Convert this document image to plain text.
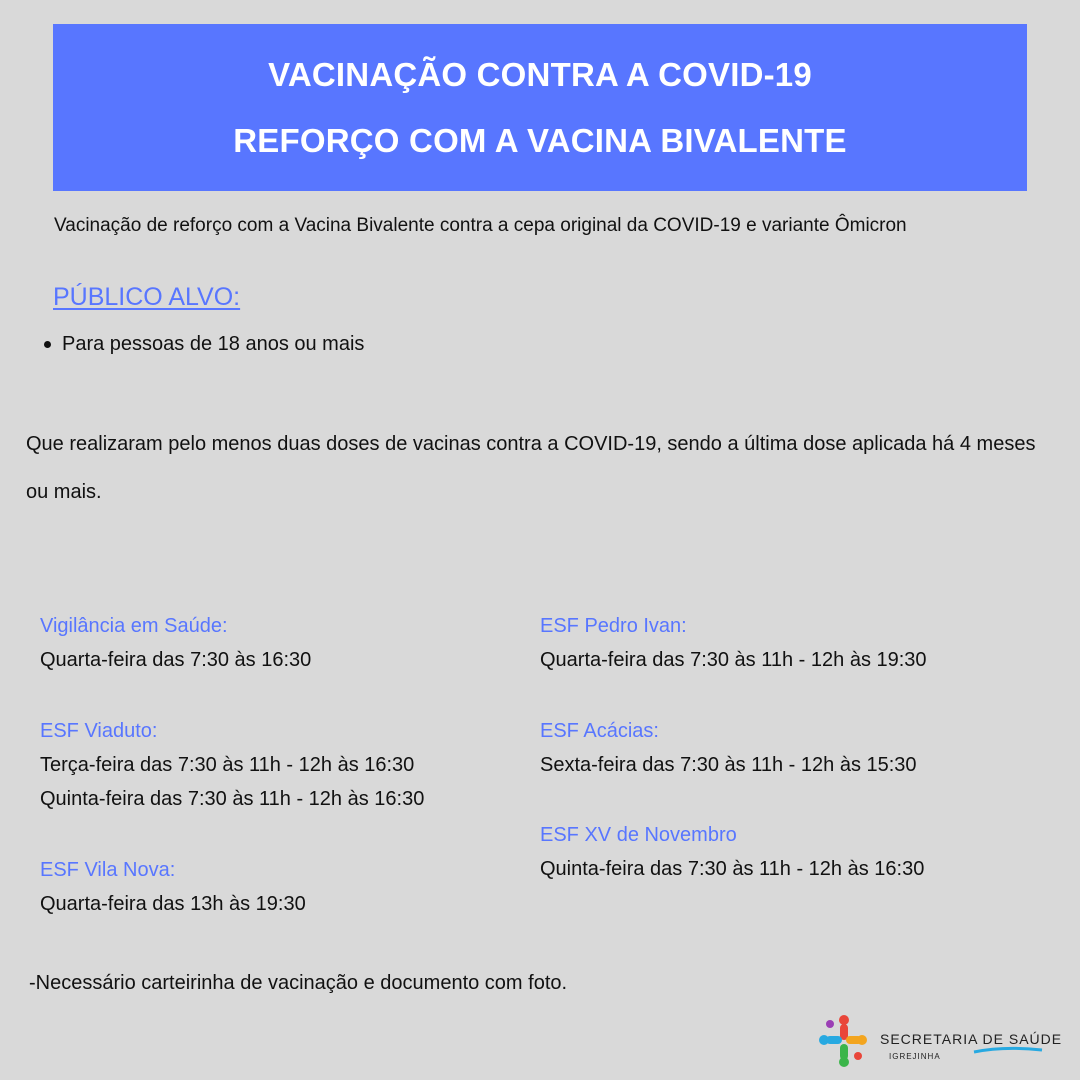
VACINAÇÃO CONTRA A COVID-19
REFORÇO COM A VACINA BIVALENTE
Vacinação de reforço com a Vacina Bivalente contra a cepa original da COVID-19 e variante Ômicron
PÚBLICO ALVO:
Para pessoas de 18 anos ou mais
Que realizaram pelo menos duas doses de vacinas contra a COVID-19, sendo a última dose aplicada há 4 meses ou mais.
Vigilância em Saúde:
Quarta-feira das 7:30 às 16:30
ESF Viaduto:
Terça-feira das 7:30 às 11h - 12h às 16:30
Quinta-feira das 7:30 às 11h - 12h às 16:30
ESF Vila Nova:
Quarta-feira das 13h às 19:30
ESF Pedro Ivan:
Quarta-feira das 7:30 às 11h - 12h às 19:30
ESF Acácias:
Sexta-feira das 7:30 às 11h - 12h às 15:30
ESF XV de Novembro
Quinta-feira das 7:30 às 11h - 12h às 16:30
-Necessário carteirinha de vacinação e documento com foto.
SECRETARIA DE SAÚDE
IGREJINHA
